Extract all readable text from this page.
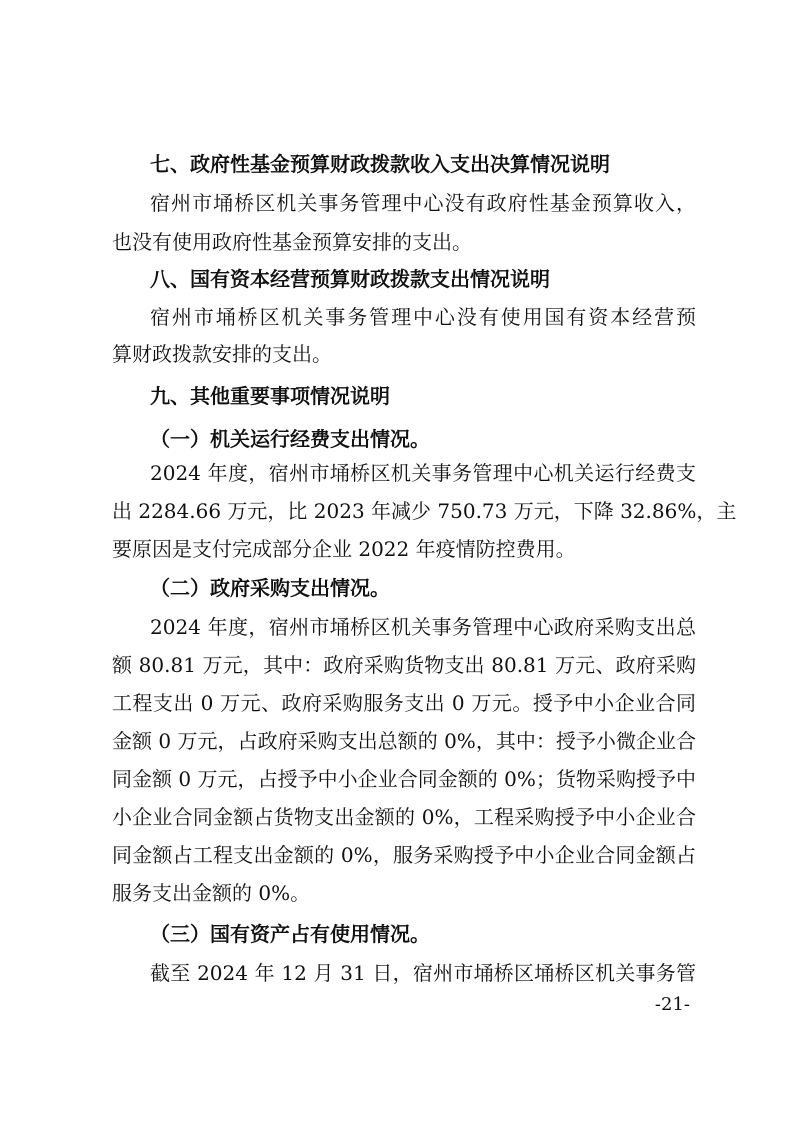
七、政府性基金预算财政拨款收入支出决算情况说明
宿州市埇桥区机关事务管理中心没有政府性基金预算收入，
也没有使用政府性基金预算安排的支出。
八、国有资本经营预算财政拨款支出情况说明
宿州市埇桥区机关事务管理中心没有使用国有资本经营预
算财政拨款安排的支出。
九、其他重要事项情况说明
（一）机关运行经费支出情况。
2024 年度，宿州市埇桥区机关事务管理中心机关运行经费支
出 2284.66 万元，比 2023 年减少 750.73 万元，下降 32.86%，主
要原因是支付完成部分企业 2022 年疫情防控费用。
（二）政府采购支出情况。
2024 年度，宿州市埇桥区机关事务管理中心政府采购支出总
额 80.81 万元，其中：政府采购货物支出 80.81 万元、政府采购
工程支出 0 万元、政府采购服务支出 0 万元。授予中小企业合同
金额 0 万元，占政府采购支出总额的 0%，其中：授予小微企业合
同金额 0 万元，占授予中小企业合同金额的 0%；货物采购授予中
小企业合同金额占货物支出金额的 0%，工程采购授予中小企业合
同金额占工程支出金额的 0%，服务采购授予中小企业合同金额占
服务支出金额的 0%。
（三）国有资产占有使用情况。
截至 2024 年 12 月 31 日，宿州市埇桥区埇桥区机关事务管
-21-
